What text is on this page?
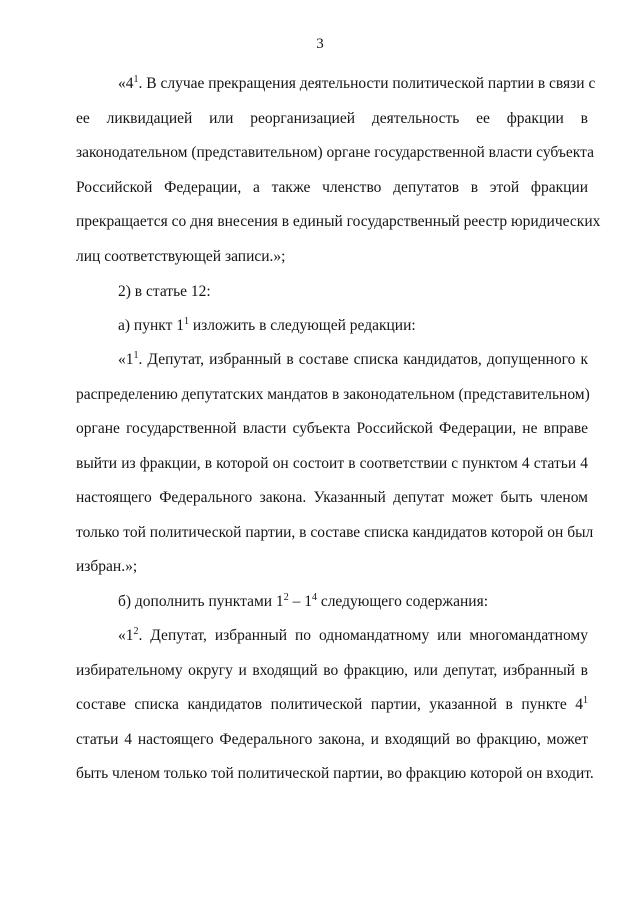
3
«$4^1$. В случае прекращения деятельности политической партии в связи с
ее ликвидацией или реорганизацией деятельность ее фракции в
законодательном (представительном) органе государственной власти субъекта
Российской Федерации, а также членство депутатов в этой фракции
прекращается со дня внесения в единый государственный реестр юридических
лиц соответствующей записи.»;
2) в статье 12:
а) пункт $1^1$ изложить в следующей редакции:
«$1^1$. Депутат, избранный в составе списка кандидатов, допущенного к
распределению депутатских мандатов в законодательном (представительном)
органе государственной власти субъекта Российской Федерации, не вправе
выйти из фракции, в которой он состоит в соответствии с пунктом 4 статьи 4
настоящего Федерального закона. Указанный депутат может быть членом
только той политической партии, в составе списка кандидатов которой он был
избран.»;
б) дополнить пунктами $1^2 - 1^4$ следующего содержания:
«$1^2$. Депутат, избранный по одномандатному или многомандатному
избирательному округу и входящий во фракцию, или депутат, избранный в
составе списка кандидатов политической партии, указанной в пункте $4^1$
статьи 4 настоящего Федерального закона, и входящий во фракцию, может
быть членом только той политической партии, во фракцию которой он входит.
